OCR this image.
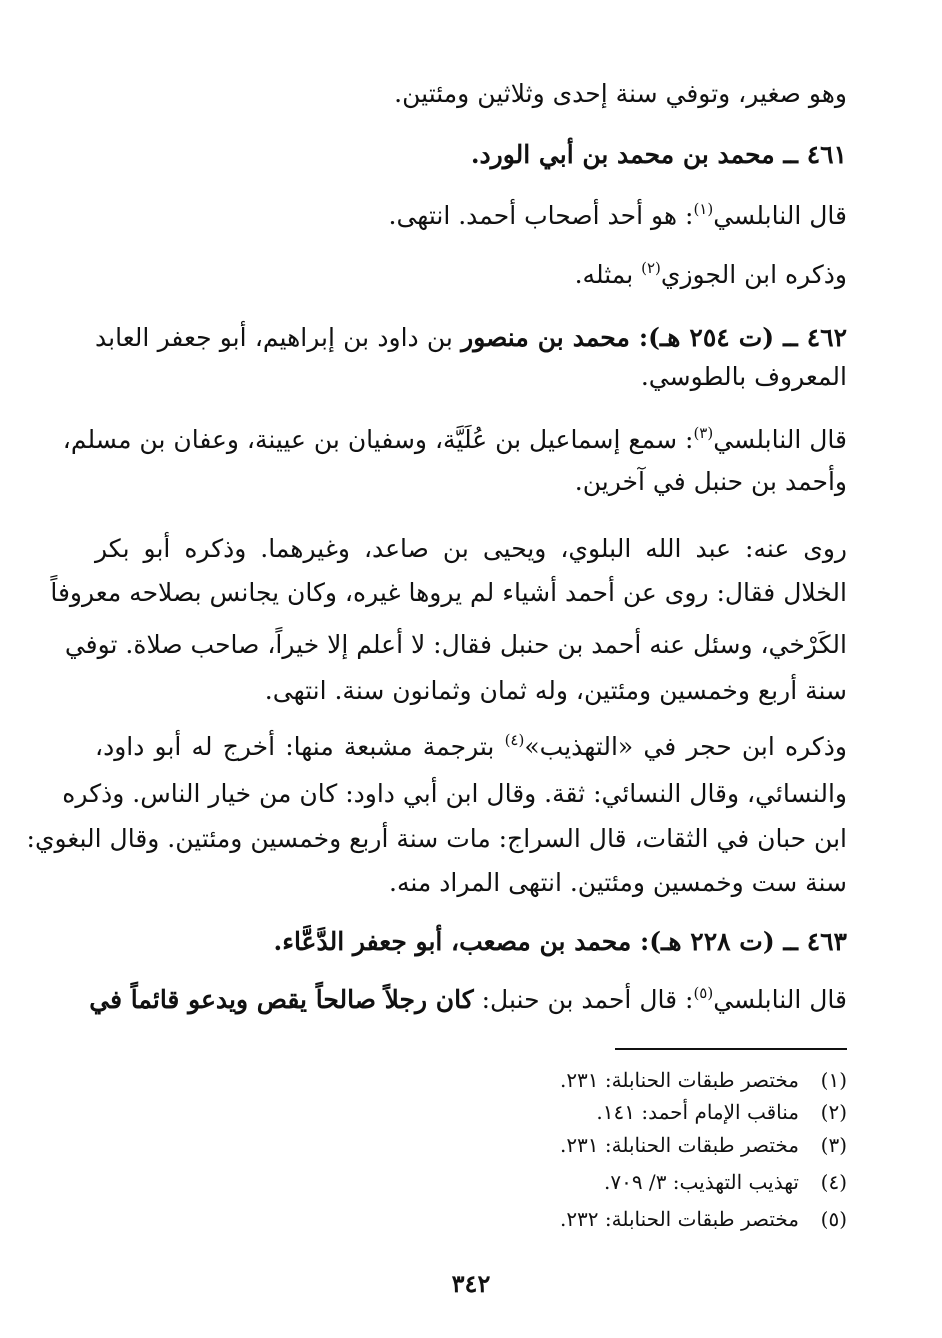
وهو صغير، وتوفي سنة إحدى وثلاثين ومئتين.
٤٦١ ــ محمد بن محمد بن أبي الورد.
قال النابلسي$^{(١)}$: هو أحد أصحاب أحمد. انتهى.
وذكره ابن الجوزي$^{(٢)}$ بمثله.
٤٦٢ ــ (ت ٢٥٤ هـ): محمد بن منصور بن داود بن إبراهيم، أبو جعفر العابد
المعروف بالطوسي.
قال النابلسي$^{(٣)}$: سمع إسماعيل بن عُلَيَّة، وسفيان بن عيينة، وعفان بن مسلم،
وأحمد بن حنبل في آخرين.
روى عنه: عبد الله البلوي، ويحيى بن صاعد، وغيرهما. وذكره أبو بكر
الخلال فقال: روى عن أحمد أشياء لم يروها غيره، وكان يجانس بصلاحه معروفاً
الكَرْخي، وسئل عنه أحمد بن حنبل فقال: لا أعلم إلا خيراً، صاحب صلاة. توفي
سنة أربع وخمسين ومئتين، وله ثمان وثمانون سنة. انتهى.
وذكره ابن حجر في «التهذيب»$^{(٤)}$ بترجمة مشبعة منها: أخرج له أبو داود،
والنسائي، وقال النسائي: ثقة. وقال ابن أبي داود: كان من خيار الناس. وذكره
ابن حبان في الثقات، قال السراج: مات سنة أربع وخمسين ومئتين. وقال البغوي:
سنة ست وخمسين ومئتين. انتهى المراد منه.
٤٦٣ ــ (ت ٢٢٨ هـ): محمد بن مصعب، أبو جعفر الدَّعَّاء.
قال النابلسي$^{(٥)}$: قال أحمد بن حنبل: كان رجلاً صالحاً يقص ويدعو قائماً في
(١)مختصر طبقات الحنابلة: ٢٣١.
(٢)مناقب الإمام أحمد: ١٤١.
(٣)مختصر طبقات الحنابلة: ٢٣١.
(٤)تهذيب التهذيب: ٣/ ٧٠٩.
(٥)مختصر طبقات الحنابلة: ٢٣٢.
٣٤٢
